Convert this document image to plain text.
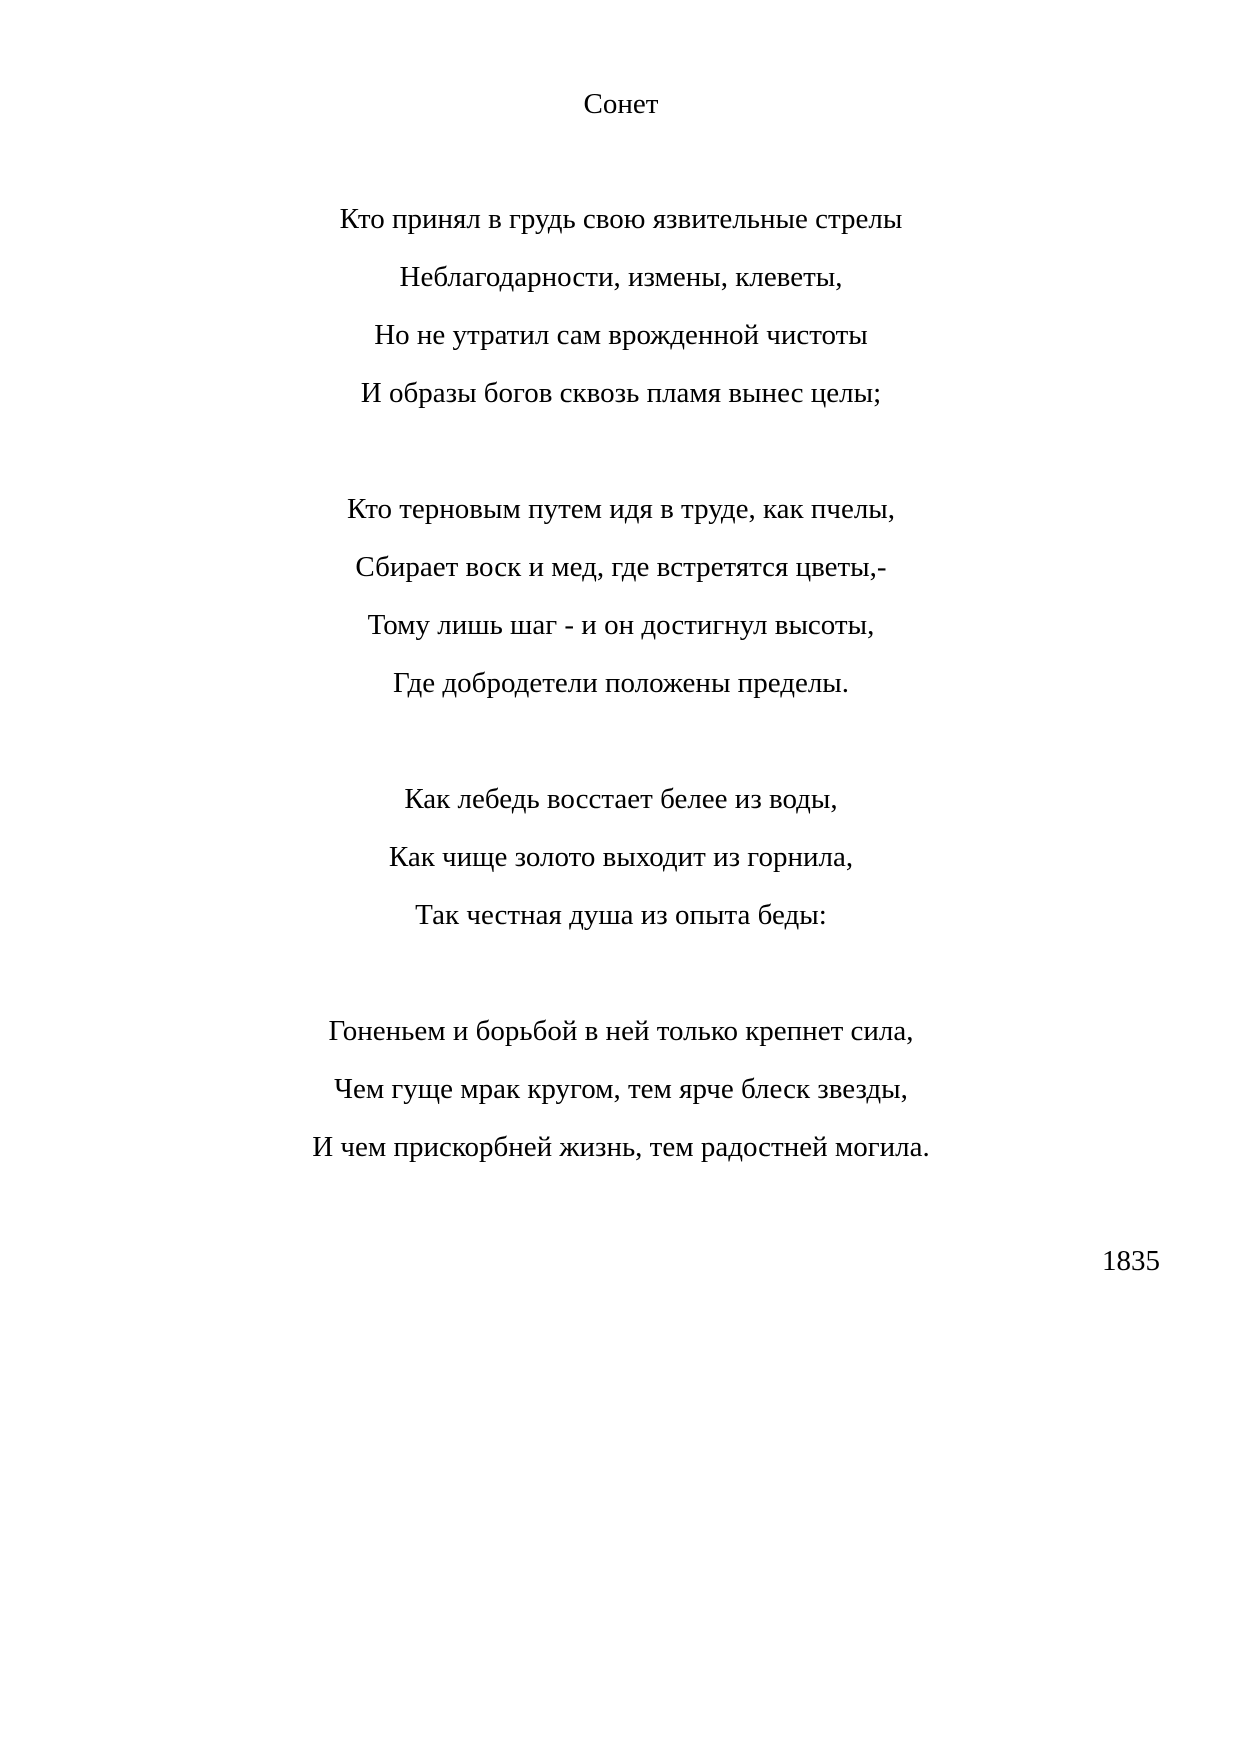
Сонет
Кто принял в грудь свою язвительные стрелы
Неблагодарности, измены, клеветы,
Но не утратил сам врожденной чистоты
И образы богов сквозь пламя вынес целы;
Кто терновым путем идя в труде, как пчелы,
Сбирает воск и мед, где встретятся цветы,-
Тому лишь шаг - и он достигнул высоты,
Где добродетели положены пределы.
Как лебедь восстает белее из воды,
Как чище золото выходит из горнила,
Так честная душа из опыта беды:
Гоненьем и борьбой в ней только крепнет сила,
Чем гуще мрак кругом, тем ярче блеск звезды,
И чем прискорбней жизнь, тем радостней могила.
1835
